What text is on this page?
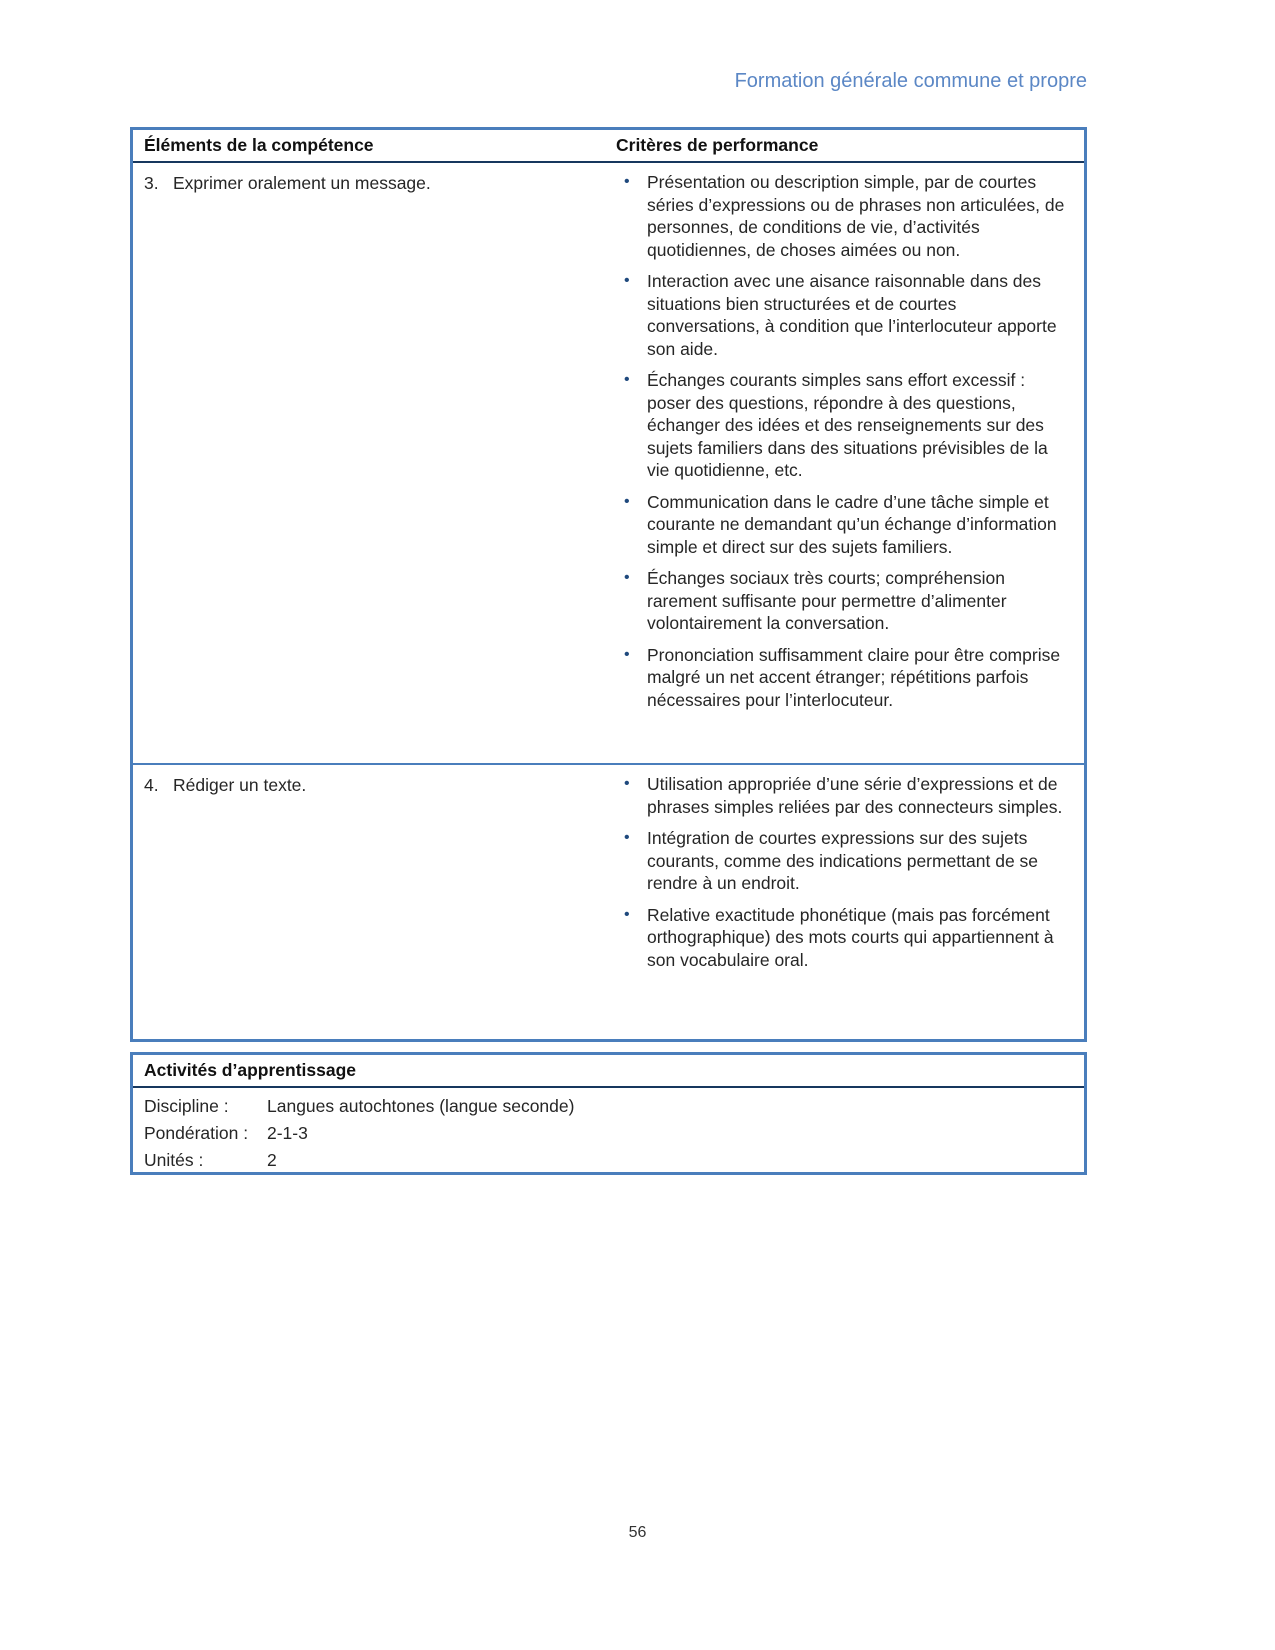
Formation générale commune et propre
Éléments de la compétence	Critères de performance
3. Exprimer oralement un message.	• Présentation ou description simple, par de courtes séries d’expressions ou de phrases non articulées, de personnes, de conditions de vie, d’activités quotidiennes, de choses aimées ou non.
• Interaction avec une aisance raisonnable dans des situations bien structurées et de courtes conversations, à condition que l’interlocuteur apporte son aide.
• Échanges courants simples sans effort excessif : poser des questions, répondre à des questions, échanger des idées et des renseignements sur des sujets familiers dans des situations prévisibles de la vie quotidienne, etc.
• Communication dans le cadre d’une tâche simple et courante ne demandant qu’un échange d’information simple et direct sur des sujets familiers.
• Échanges sociaux très courts; compréhension rarement suffisante pour permettre d’alimenter volontairement la conversation.
• Prononciation suffisamment claire pour être comprise malgré un net accent étranger; répétitions parfois nécessaires pour l’interlocuteur.
4. Rédiger un texte.	• Utilisation appropriée d’une série d’expressions et de phrases simples reliées par des connecteurs simples.
• Intégration de courtes expressions sur des sujets courants, comme des indications permettant de se rendre à un endroit.
• Relative exactitude phonétique (mais pas forcément orthographique) des mots courts qui appartiennent à son vocabulaire oral.
Activités d’apprentissage
Discipline :	Langues autochtones (langue seconde)
Pondération :	2-1-3
Unités :	2
56
